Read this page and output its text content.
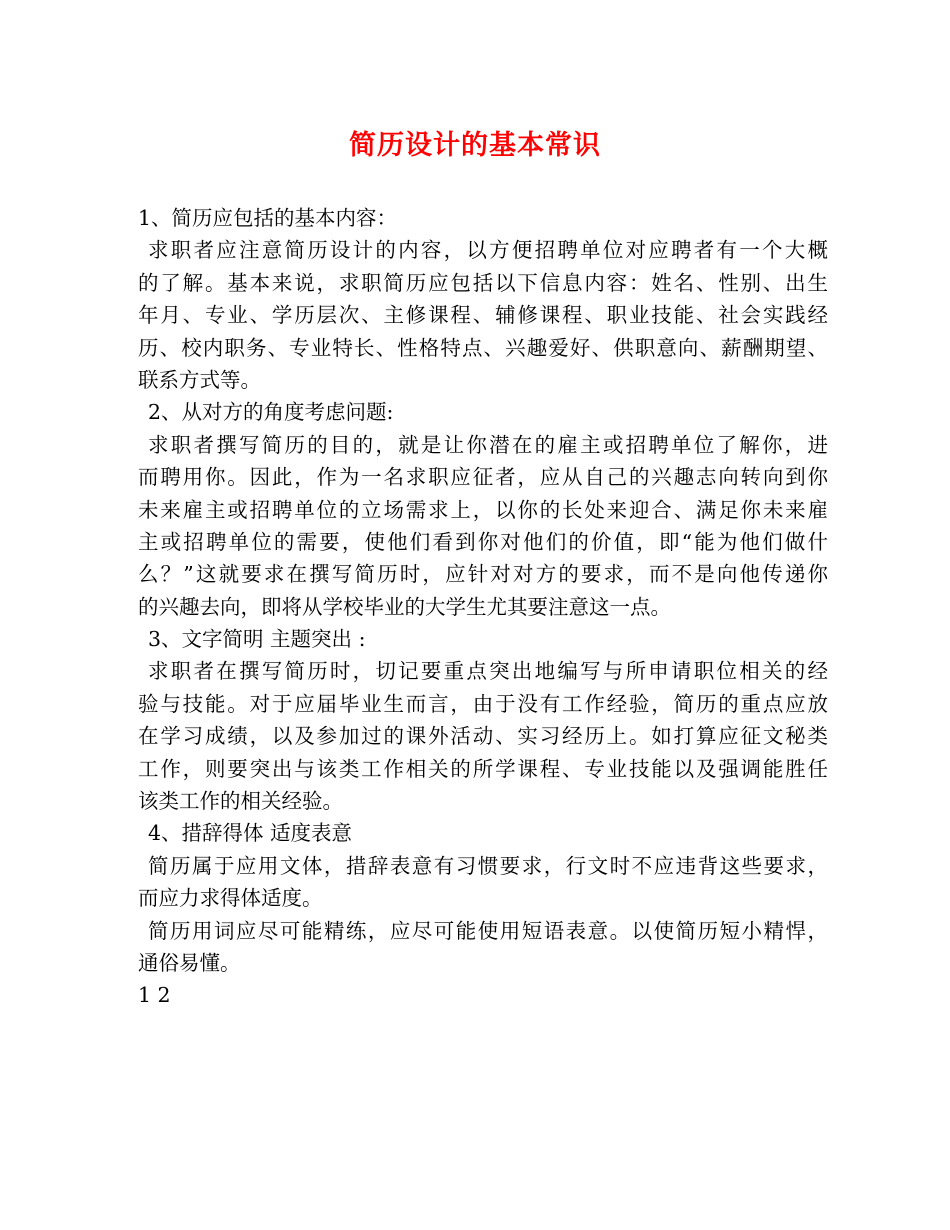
简历设计的基本常识
1、简历应包括的基本内容：
求职者应注意简历设计的内容，以方便招聘单位对应聘者有一个大概
的了解。基本来说，求职简历应包括以下信息内容：姓名、性别、出生
年月、专业、学历层次、主修课程、辅修课程、职业技能、社会实践经
历、校内职务、专业特长、性格特点、兴趣爱好、供职意向、薪酬期望、
联系方式等。
2、从对方的角度考虑问题:
求职者撰写简历的目的，就是让你潜在的雇主或招聘单位了解你，进
而聘用你。因此，作为一名求职应征者，应从自己的兴趣志向转向到你
未来雇主或招聘单位的立场需求上，以你的长处来迎合、满足你未来雇
主或招聘单位的需要，使他们看到你对他们的价值，即“能为他们做什
么？”这就要求在撰写简历时，应针对对方的要求，而不是向他传递你
的兴趣去向，即将从学校毕业的大学生尤其要注意这一点。
3、文字简明 主题突出 :
求职者在撰写简历时，切记要重点突出地编写与所申请职位相关的经
验与技能。对于应届毕业生而言，由于没有工作经验，简历的重点应放
在学习成绩，以及参加过的课外活动、实习经历上。如打算应征文秘类
工作，则要突出与该类工作相关的所学课程、专业技能以及强调能胜任
该类工作的相关经验。
4、措辞得体 适度表意
简历属于应用文体，措辞表意有习惯要求，行文时不应违背这些要求，
而应力求得体适度。
简历用词应尽可能精练，应尽可能使用短语表意。以使简历短小精悍，
通俗易懂。
1 2
